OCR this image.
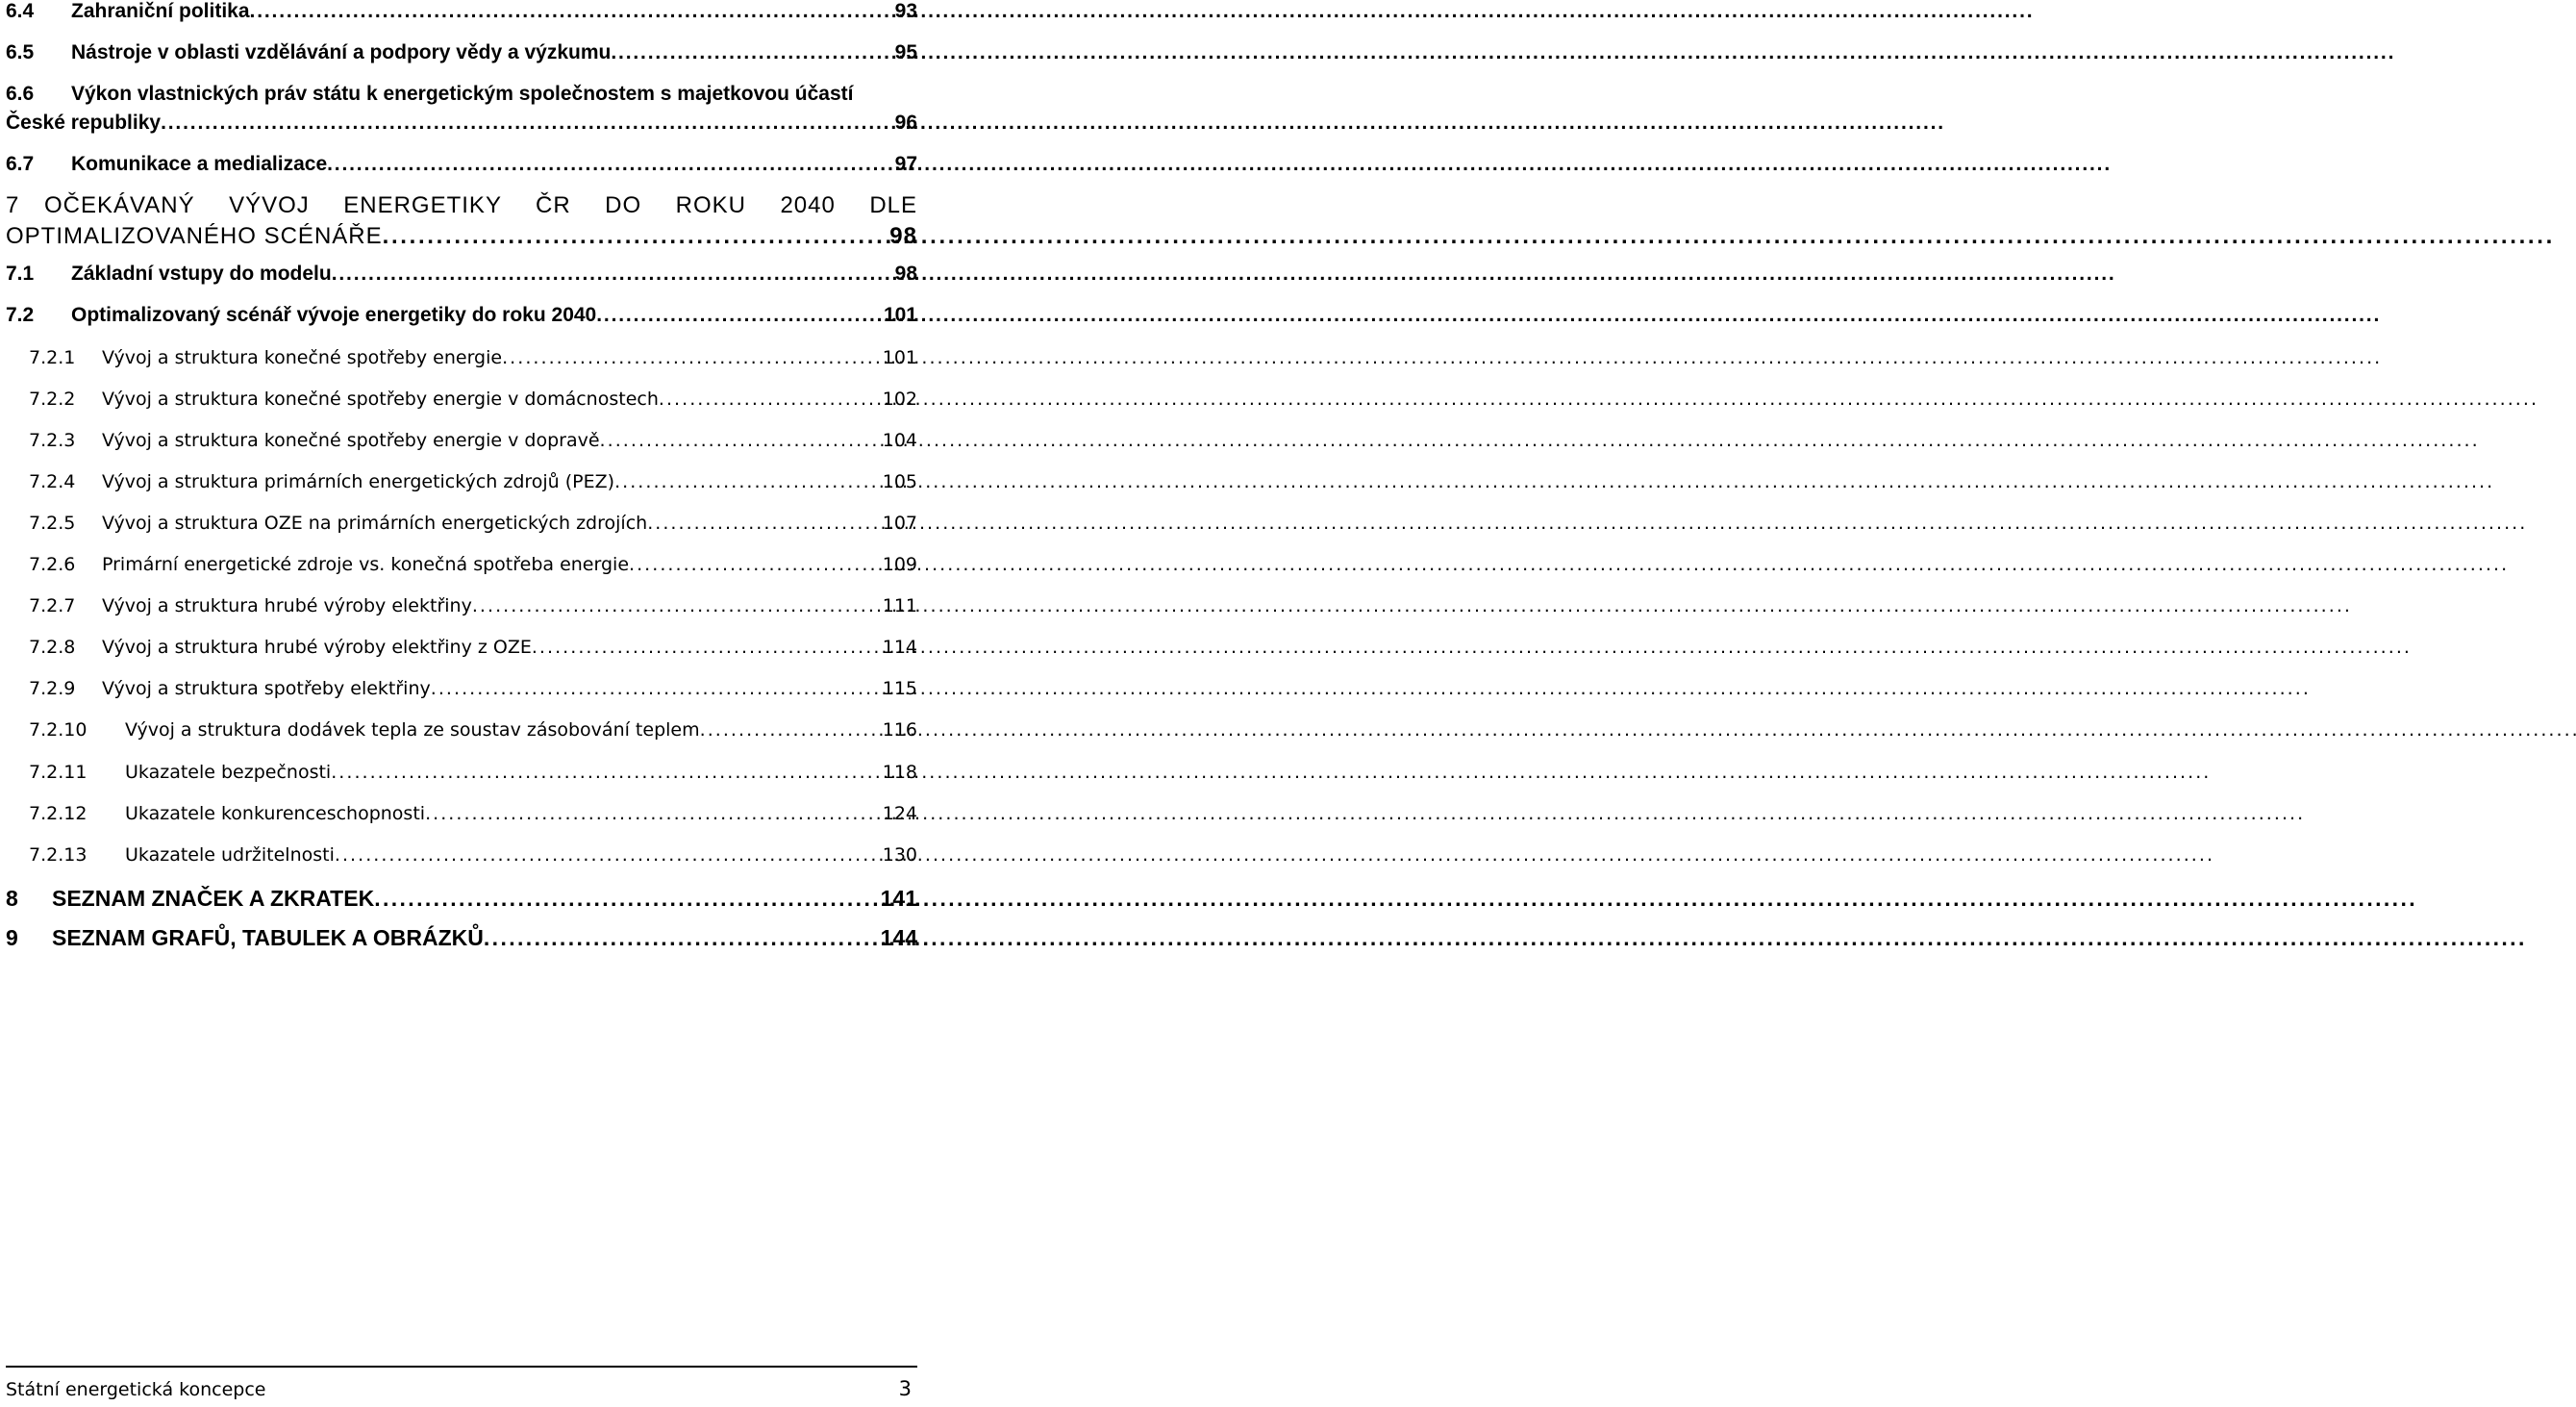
6.4	Zahraniční politika . . .	93
6.5	Nástroje v oblasti vzdělávání a podpory vědy a výzkumu . . .	95
6.6	Výkon vlastnických práv státu k energetickým společnostem s majetkovou účastí
České republiky . . .	96
6.7	Komunikace a medializace . . .	97
7	OČEKÁVANÝ VÝVOJ ENERGETIKY ČR DO ROKU 2040 DLE
OPTIMALIZOVANÉHO SCÉNÁŘE . . .	98
7.1	Základní vstupy do modelu . . .	98
7.2	Optimalizovaný scénář vývoje energetiky do roku 2040 . . .	101
7.2.1	Vývoj a struktura konečné spotřeby energie . . .	101
7.2.2	Vývoj a struktura konečné spotřeby energie v domácnostech . . .	102
7.2.3	Vývoj a struktura konečné spotřeby energie v dopravě . . .	104
7.2.4	Vývoj a struktura primárních energetických zdrojů (PEZ) . . .	105
7.2.5	Vývoj a struktura OZE na primárních energetických zdrojích . . .	107
7.2.6	Primární energetické zdroje vs. konečná spotřeba energie . . .	109
7.2.7	Vývoj a struktura hrubé výroby elektřiny . . .	111
7.2.8	Vývoj a struktura hrubé výroby elektřiny z OZE . . .	114
7.2.9	Vývoj a struktura spotřeby elektřiny . . .	115
7.2.10	Vývoj a struktura dodávek tepla ze soustav zásobování teplem . . .	116
7.2.11	Ukazatele bezpečnosti . . .	118
7.2.12	Ukazatele konkurenceschopnosti . . .	124
7.2.13	Ukazatele udržitelnosti . . .	130
8	SEZNAM ZNAČEK A ZKRATEK . . .	141
9	SEZNAM GRAFŮ, TABULEK A OBRÁZKŮ . . .	144
Státní energetická koncepce	3
